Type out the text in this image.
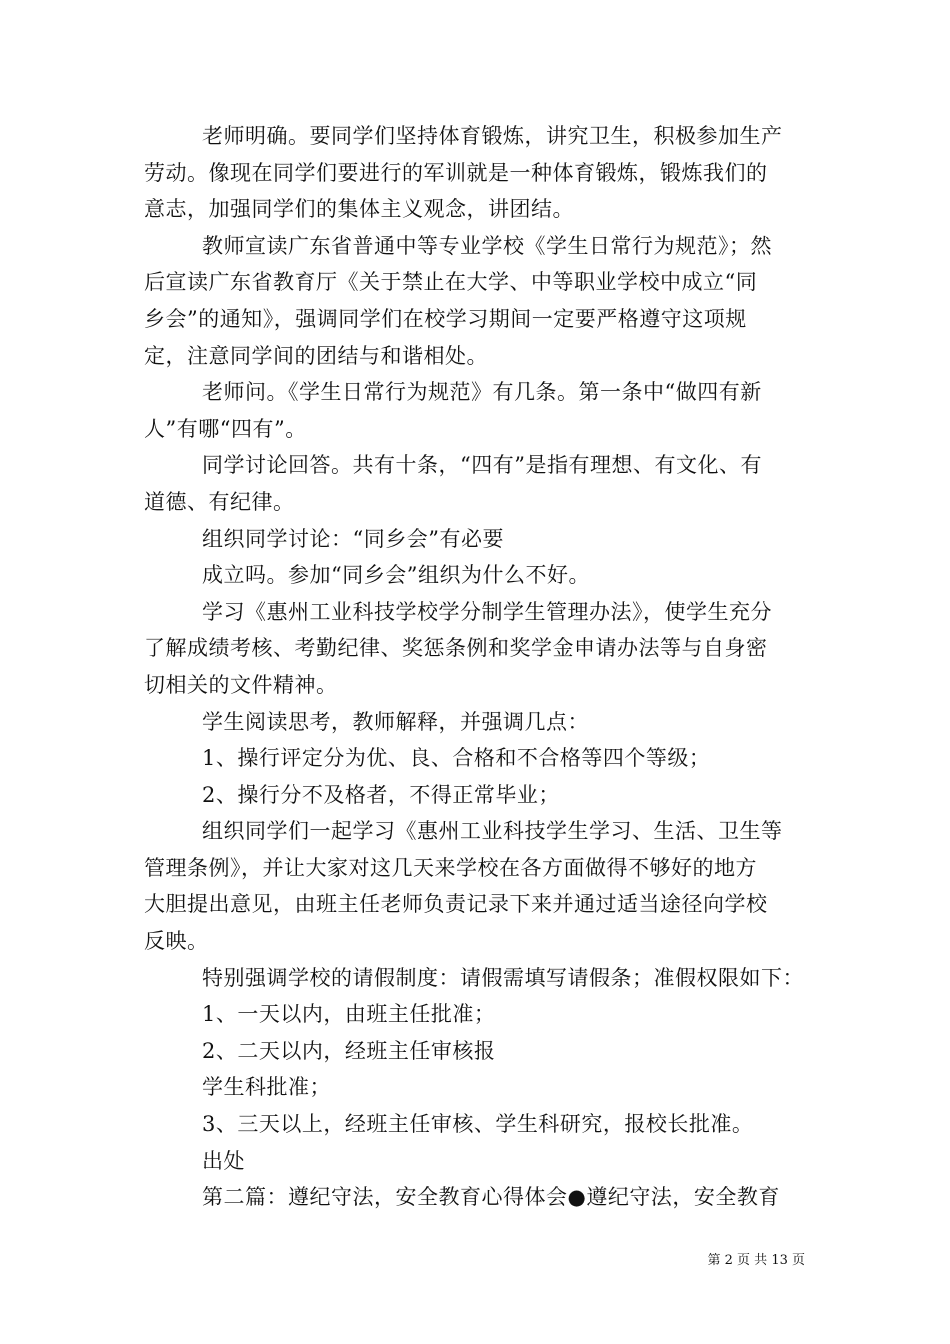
老师明确。要同学们坚持体育锻炼，讲究卫生，积极参加生产
劳动。像现在同学们要进行的军训就是一种体育锻炼，锻炼我们的
意志，加强同学们的集体主义观念，讲团结。

教师宣读广东省普通中等专业学校《学生日常行为规范》；然
后宣读广东省教育厅《关于禁止在大学、中等职业学校中成立“同
乡会”的通知》，强调同学们在校学习期间一定要严格遵守这项规
定，注意同学间的团结与和谐相处。

老师问。《学生日常行为规范》有几条。第一条中“做四有新
人”有哪“四有”。

同学讨论回答。共有十条，“四有”是指有理想、有文化、有
道德、有纪律。

组织同学讨论：“同乡会”有必要

成立吗。参加“同乡会”组织为什么不好。

学习《惠州工业科技学校学分制学生管理办法》，使学生充分
了解成绩考核、考勤纪律、奖惩条例和奖学金申请办法等与自身密
切相关的文件精神。

学生阅读思考，教师解释，并强调几点：

1、操行评定分为优、良、合格和不合格等四个等级；

2、操行分不及格者，不得正常毕业；

组织同学们一起学习《惠州工业科技学生学习、生活、卫生等
管理条例》，并让大家对这几天来学校在各方面做得不够好的地方
大胆提出意见，由班主任老师负责记录下来并通过适当途径向学校
反映。

特别强调学校的请假制度：请假需填写请假条；准假权限如下：

1、一天以内，由班主任批准；

2、二天以内，经班主任审核报

学生科批准；

3、三天以上，经班主任审核、学生科研究，报校长批准。

出处

第二篇：遵纪守法，安全教育心得体会●遵纪守法，安全教育

第 2 页 共 13 页
